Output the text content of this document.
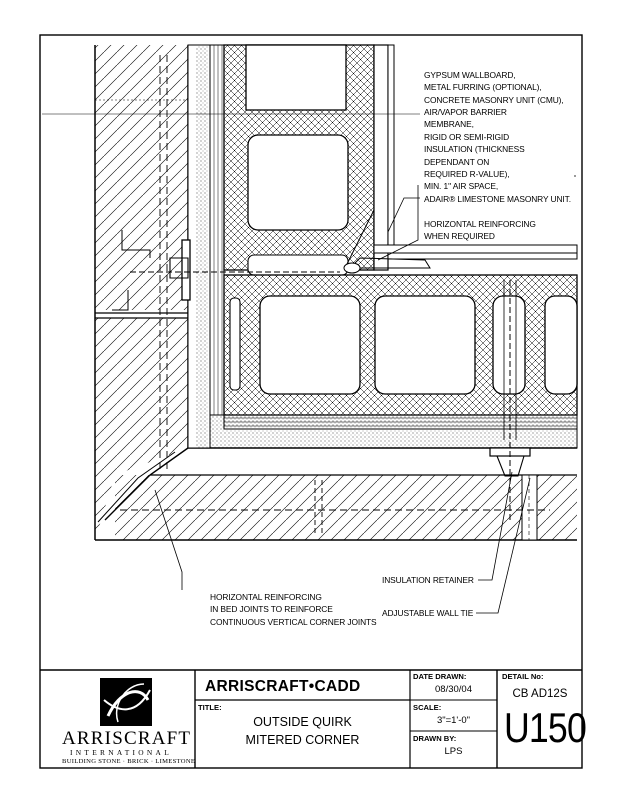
GYPSUM WALLBOARD,
METAL FURRING (OPTIONAL),
CONCRETE MASONRY UNIT (CMU),
AIR/VAPOR BARRIER
MEMBRANE,
RIGID OR SEMI-RIGID
INSULATION (THICKNESS
DEPENDANT ON
REQUIRED R-VALUE),
MIN. 1" AIR SPACE,
ADAIR® LIMESTONE MASONRY UNIT.

HORIZONTAL REINFORCING
WHEN REQUIRED

HORIZONTAL REINFORCING
IN BED JOINTS TO REINFORCE
CONTINUOUS VERTICAL CORNER JOINTS

INSULATION RETAINER
ADJUSTABLE WALL TIE
ARRISCRAFT
INTERNATIONAL
BUILDING STONE · BRICK · LIMESTONE
ARRISCRAFT•CADD
TITLE:
OUTSIDE QUIRK
MITERED CORNER
DATE DRAWN:
08/30/04
SCALE:
3"=1'-0"
DRAWN BY:
LPS
DETAIL No:
CB AD12S
U150
